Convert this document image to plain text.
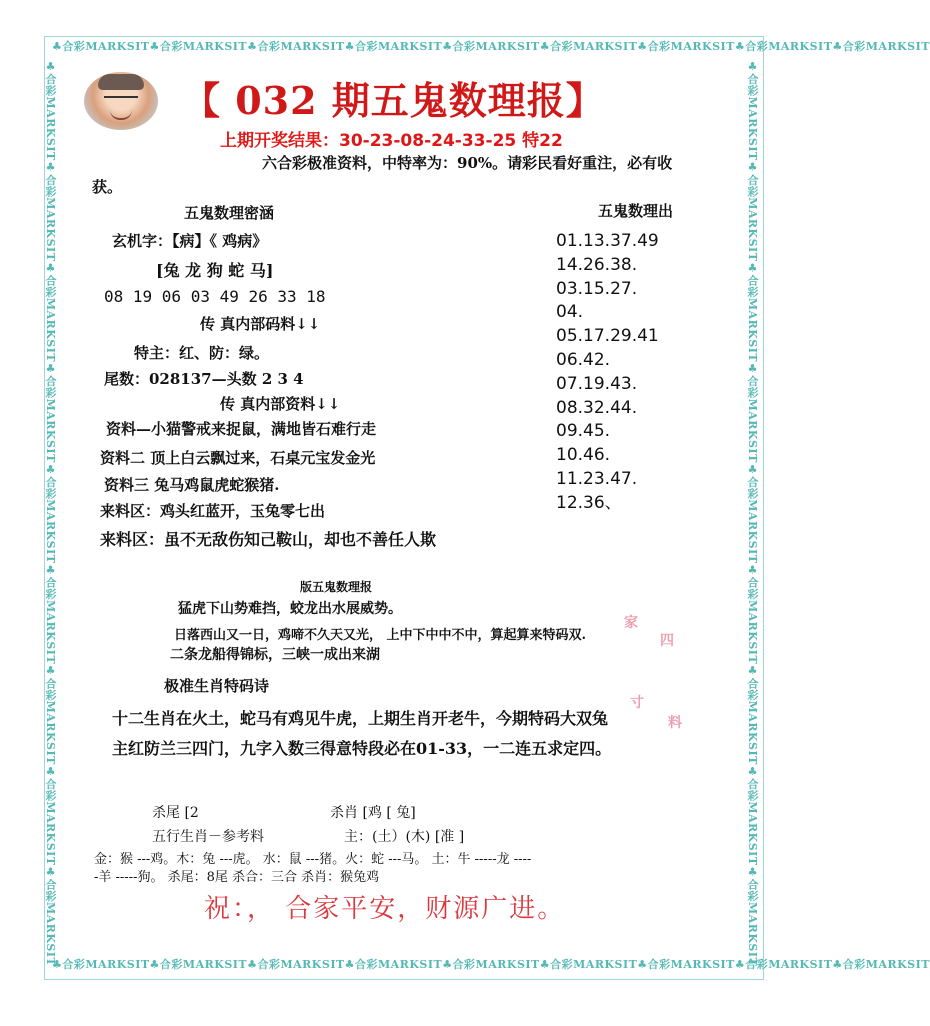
♣合彩MARKSIT♣合彩MARKSIT♣合彩MARKSIT♣合彩MARKSIT♣合彩MARKSIT♣合彩MARKSIT♣合彩MARKSIT♣合彩MARKSIT♣合彩MARKSIT
♣合彩MARKSIT♣合彩MARKSIT♣合彩MARKSIT♣合彩MARKSIT♣合彩MARKSIT♣合彩MARKSIT♣合彩MARKSIT♣合彩MARKSIT♣合彩MARKSIT
♣合彩MARKSIT♣合彩MARKSIT♣合彩MARKSIT♣合彩MARKSIT♣合彩MARKSIT♣合彩MARKSIT♣合彩MARKSIT♣合彩MARKSIT♣合彩MARKSIT	♣合彩MARKSIT♣合彩MARKSIT♣合彩MARKSIT♣合彩MARKSIT♣合彩MARKSIT♣合彩MARKSIT♣合彩MARKSIT♣合彩MARKSIT♣合彩MARKSIT
【 032 期五鬼数理报】
上期开奖结果：30-23-08-24-33-25 特22
六合彩极准资料，中特率为：90%。请彩民看好重注，必有收
获。
五鬼数理密涵
玄机字：【病】《 鸡病》
[兔 龙 狗 蛇 马]
08 19 06 03 49 26 33 18
传 真内部码料↓↓
特主：红、防：绿。
尾数：028137—头数 2 3 4
传 真内部资料↓↓
资料—小猫警戒来捉鼠，满地皆石难行走
资料二 顶上白云飘过来，石桌元宝发金光
资料三 兔马鸡鼠虎蛇猴猪.
来料区：鸡头红蓝开，玉兔零七出
来料区：虽不无敌伤知己鞍山，却也不善任人欺
五鬼数理出
01.13.37.49
14.26.38.
03.15.27.
04.
05.17.29.41
06.42.
07.19.43.
08.32.44.
09.45.
10.46.
11.23.47.
12.36、
版五鬼数理报
猛虎下山势难挡，蛟龙出水展威势。
日落西山又一日，鸡啼不久天又光， 上中下中中不中，算起算来特码双.
二条龙船得锦标，三峡一成出来湖
家
四
寸
料
极准生肖特码诗
十二生肖在火土，蛇马有鸡见牛虎，上期生肖开老牛，今期特码大双兔
主红防兰三四门，九字入数三得意特段必在01-33，一二连五求定四。
杀尾 [2	杀肖 [鸡 [ 兔]
五行生肖－参考料	主：(土）(木) [准 ]
金：猴 ---鸡。木：兔 ---虎。 水：鼠 ---猪。火：蛇 ---马。 土：牛 -----龙 ----
-羊 -----狗。 杀尾：8尾 杀合：三合 杀肖：猴兔鸡
祝：， 合家平安，财源广进。
